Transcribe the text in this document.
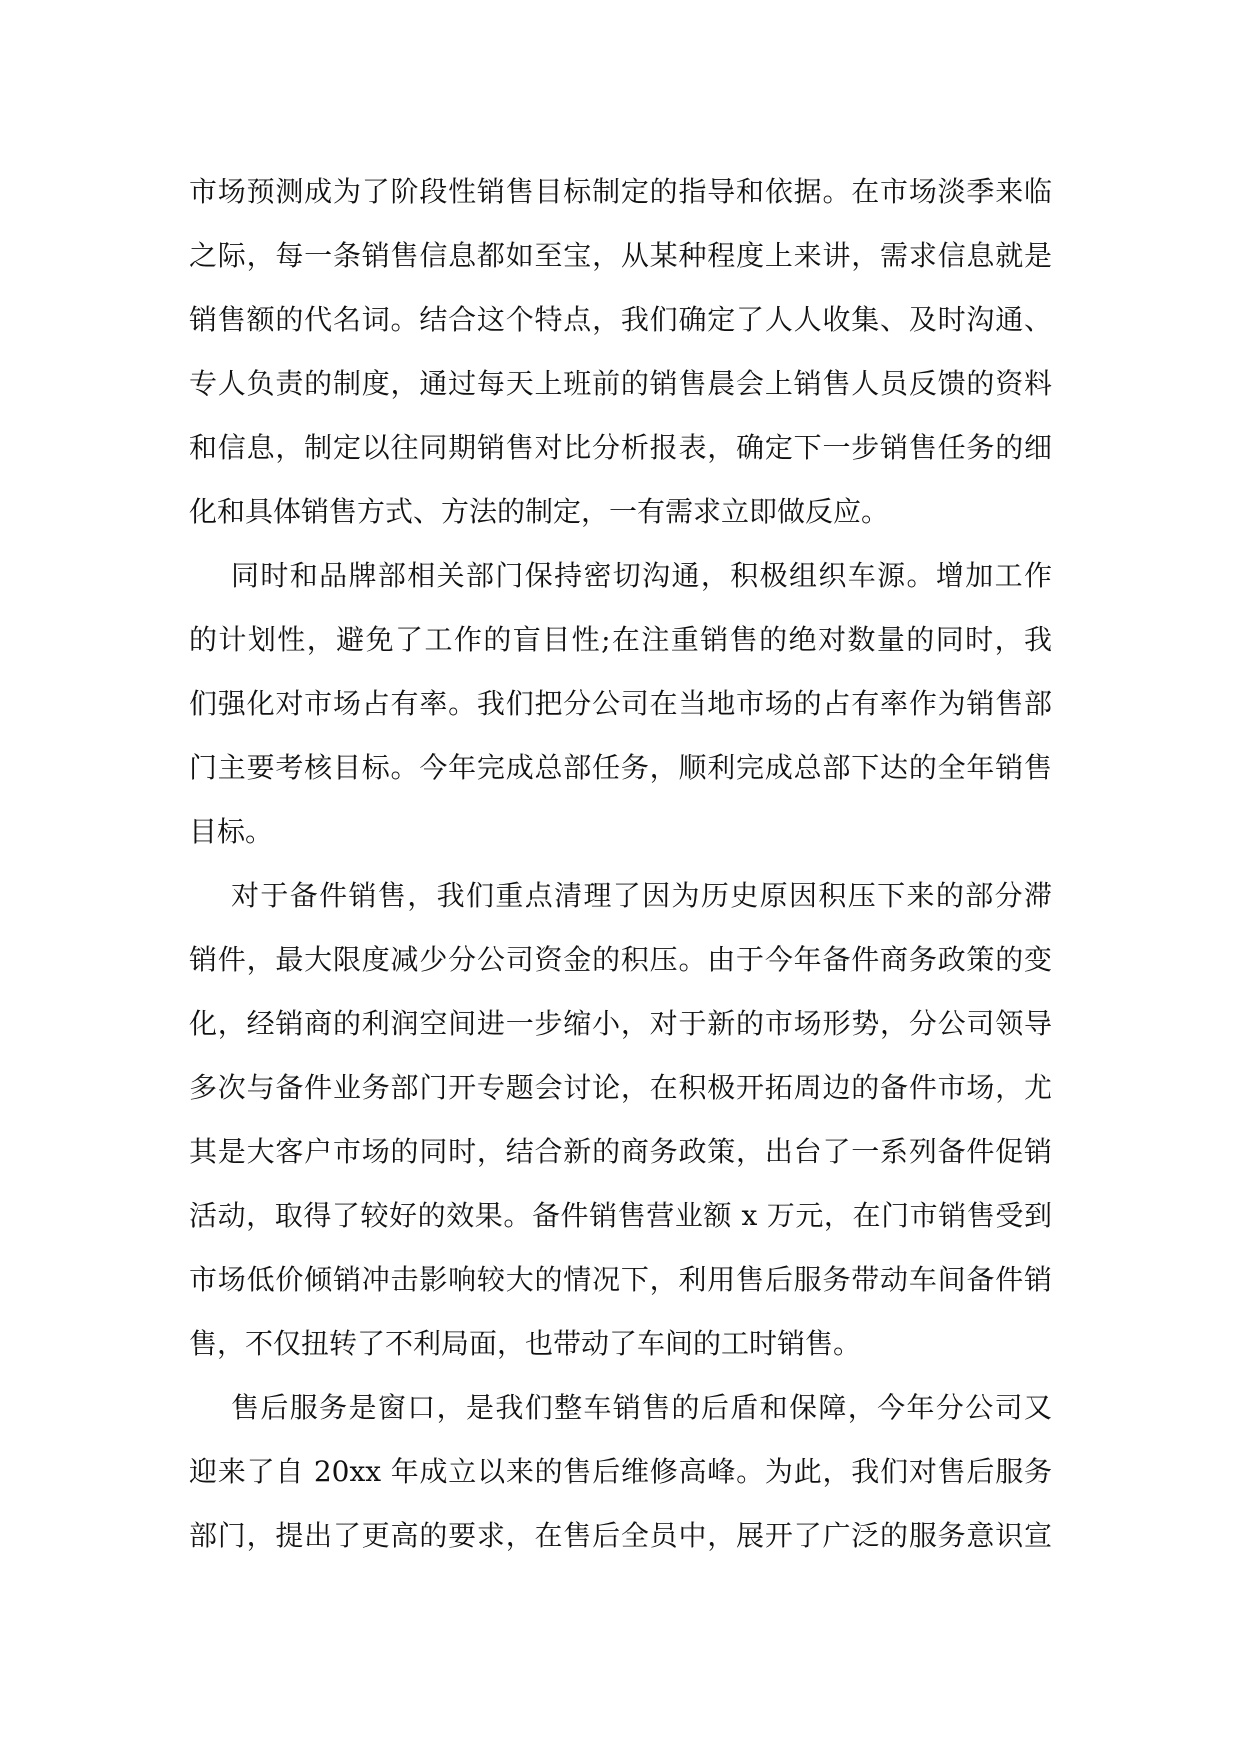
市场预测成为了阶段性销售目标制定的指导和依据。在市场淡季来临
之际，每一条销售信息都如至宝，从某种程度上来讲，需求信息就是
销售额的代名词。结合这个特点，我们确定了人人收集、及时沟通、
专人负责的制度，通过每天上班前的销售晨会上销售人员反馈的资料
和信息，制定以往同期销售对比分析报表，确定下一步销售任务的细
化和具体销售方式、方法的制定，一有需求立即做反应。
同时和品牌部相关部门保持密切沟通，积极组织车源。增加工作
的计划性，避免了工作的盲目性;在注重销售的绝对数量的同时，我
们强化对市场占有率。我们把分公司在当地市场的占有率作为销售部
门主要考核目标。今年完成总部任务，顺利完成总部下达的全年销售
目标。
对于备件销售，我们重点清理了因为历史原因积压下来的部分滞
销件，最大限度减少分公司资金的积压。由于今年备件商务政策的变
化，经销商的利润空间进一步缩小，对于新的市场形势，分公司领导
多次与备件业务部门开专题会讨论，在积极开拓周边的备件市场，尤
其是大客户市场的同时，结合新的商务政策，出台了一系列备件促销
活动，取得了较好的效果。备件销售营业额 x 万元，在门市销售受到
市场低价倾销冲击影响较大的情况下，利用售后服务带动车间备件销
售，不仅扭转了不利局面，也带动了车间的工时销售。
售后服务是窗口，是我们整车销售的后盾和保障，今年分公司又
迎来了自 20xx 年成立以来的售后维修高峰。为此，我们对售后服务
部门，提出了更高的要求，在售后全员中，展开了广泛的服务意识宣
